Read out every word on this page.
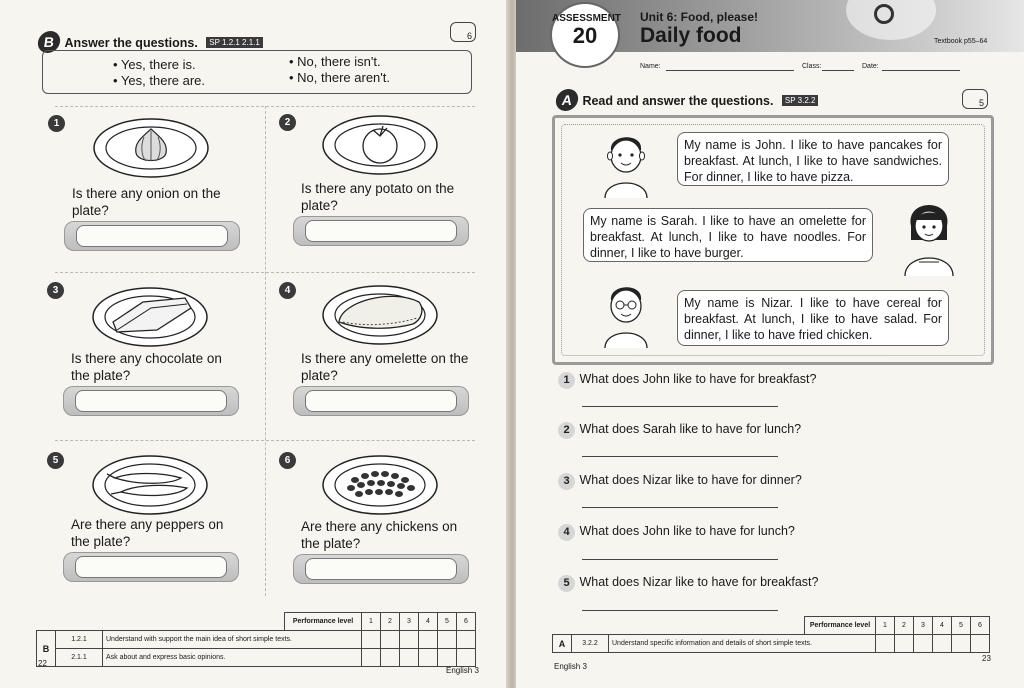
B Answer the questions. SP 1.2.1 2.1.1
6
• Yes, there is.
• Yes, there are.
• No, there isn't.
• No, there aren't.
1
Is there any onion on the plate?
2
Is there any potato on the plate?
3
Is there any chocolate on the plate?
4
Is there any omelette on the plate?
5
Are there any peppers on the plate?
6
Are there any chickens on the plate?
			Performance level	1	2	3	4	5	6
B	1.2.1	Understand with support the main idea of short simple texts.							
	2.1.1	Ask about and express basic opinions.							
22
English 3
ASSESSMENT
20
Unit 6: Food, please!
Daily food	Textbook p55–64
Name:	Class:	Date:
A Read and answer the questions. SP 3.2.2	5
My name is John. I like to have pancakes for breakfast. At lunch, I like to have sandwiches. For dinner, I like to have pizza.
My name is Sarah. I like to have an omelette for breakfast. At lunch, I like to have noodles. For dinner, I like to have burger.
My name is Nizar. I like to have cereal for breakfast. At lunch, I like to have salad. For dinner, I like to have fried chicken.
1 What does John like to have for breakfast?
2 What does Sarah like to have for lunch?
3 What does Nizar like to have for dinner?
4 What does John like to have for lunch?
5 What does Nizar like to have for breakfast?
			Performance level	1	2	3	4	5	6
A	3.2.2	Understand specific information and details of short simple texts.							
23
English 3
